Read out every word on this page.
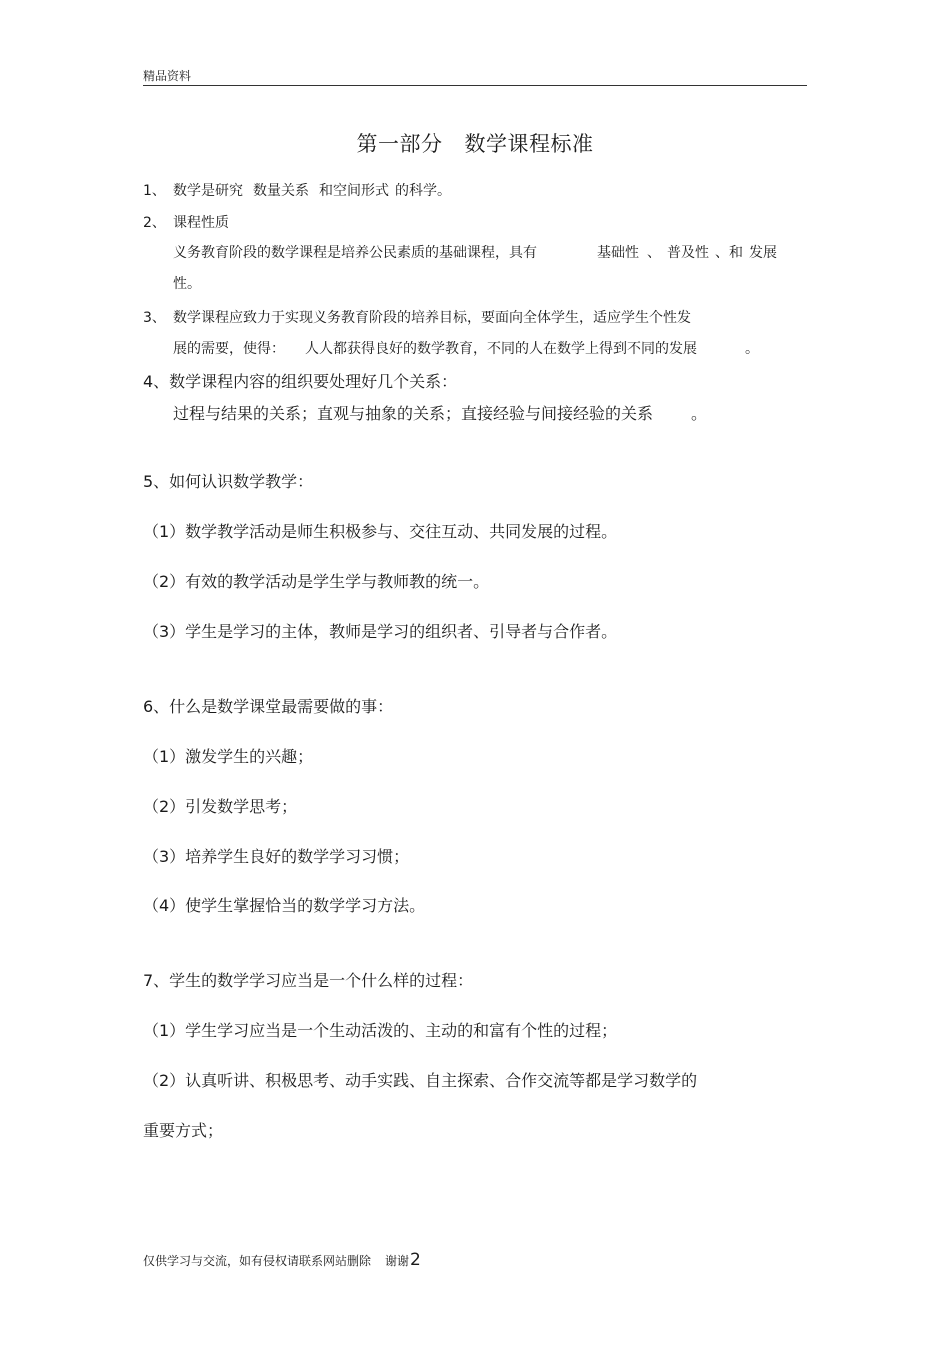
精品资料
第一部分 数学课程标准
1、 数学是研究 数量关系 和空间形式 的科学。
2、 课程性质
义务教育阶段的数学课程是培养公民素质的基础课程，具有	基础性 、 普及性 、和 发展
性。
3、 数学课程应致力于实现义务教育阶段的培养目标，要面向全体学生，适应学生个性发
展的需要，使得： 人人都获得良好的数学教育，不同的人在数学上得到不同的发展	。
4、数学课程内容的组织要处理好几个关系：
过程与结果的关系；直观与抽象的关系；直接经验与间接经验的关系 。
5、如何认识数学教学：
（1）数学教学活动是师生积极参与、交往互动、共同发展的过程。
（2）有效的教学活动是学生学与教师教的统一。
（3）学生是学习的主体，教师是学习的组织者、引导者与合作者。
6、什么是数学课堂最需要做的事：
（1）激发学生的兴趣；
（2）引发数学思考；
（3）培养学生良好的数学学习习惯；
（4）使学生掌握恰当的数学学习方法。
7、学生的数学学习应当是一个什么样的过程：
（1）学生学习应当是一个生动活泼的、主动的和富有个性的过程；
（2）认真听讲、积极思考、动手实践、自主探索、合作交流等都是学习数学的
重要方式；
仅供学习与交流，如有侵权请联系网站删除 谢谢2
